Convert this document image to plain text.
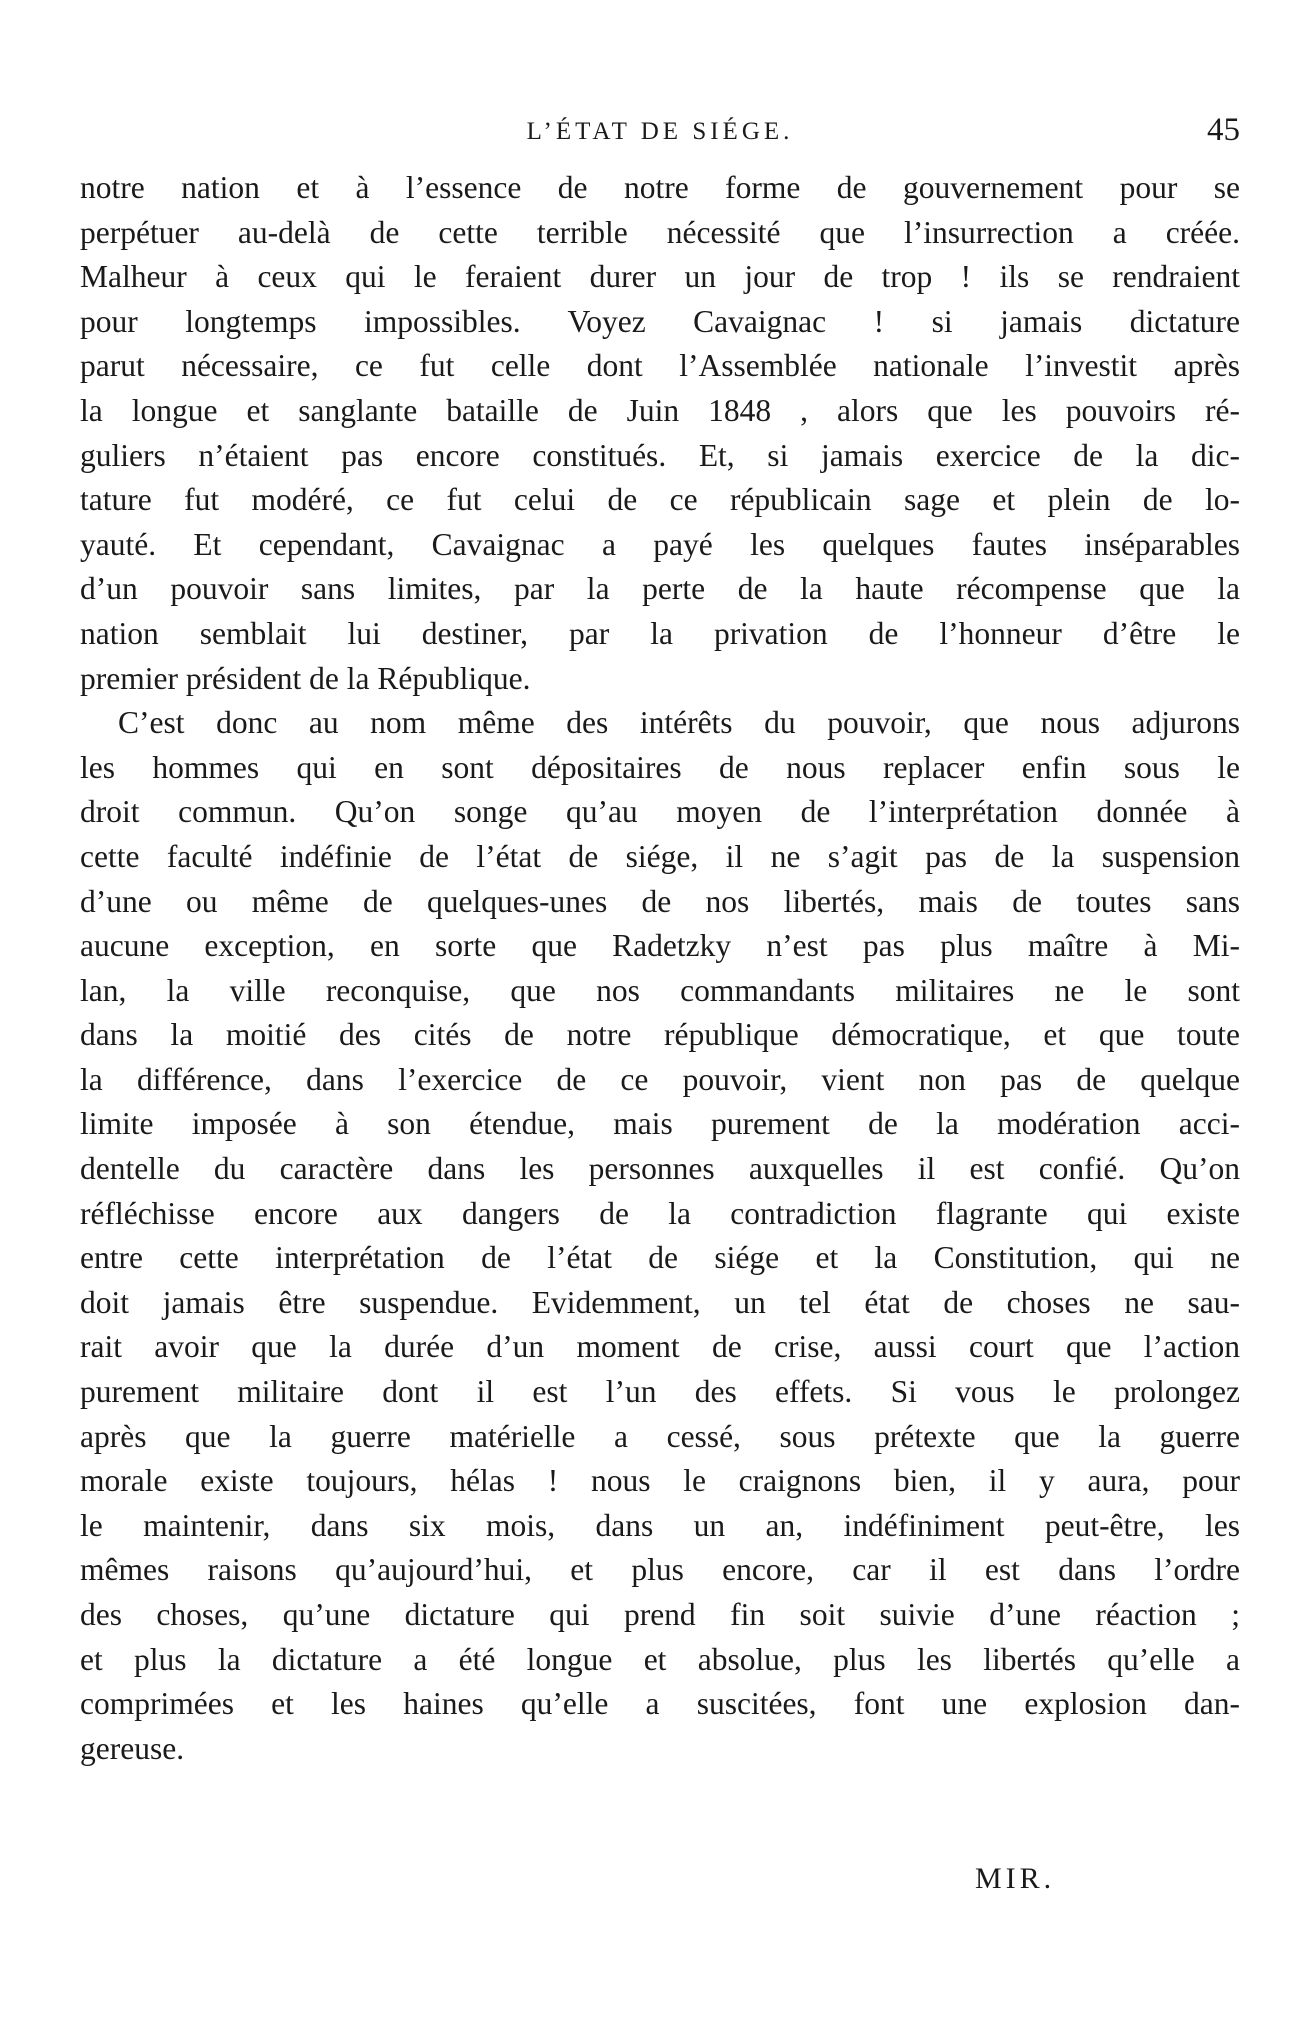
L’ÉTAT DE SIÉGE.	45
notre nation et à l’essence de notre forme de gouvernement pour se
perpétuer au-delà de cette terrible nécessité que l’insurrection a créée.
Malheur à ceux qui le feraient durer un jour de trop ! ils se rendraient
pour longtemps impossibles. Voyez Cavaignac ! si jamais dictature
parut nécessaire, ce fut celle dont l’Assemblée nationale l’investit après
la longue et sanglante bataille de Juin 1848 , alors que les pouvoirs ré-
guliers n’étaient pas encore constitués. Et, si jamais exercice de la dic-
tature fut modéré, ce fut celui de ce républicain sage et plein de lo-
yauté. Et cependant, Cavaignac a payé les quelques fautes inséparables
d’un pouvoir sans limites, par la perte de la haute récompense que la
nation semblait lui destiner, par la privation de l’honneur d’être le
premier président de la République.
C’est donc au nom même des intérêts du pouvoir, que nous adjurons
les hommes qui en sont dépositaires de nous replacer enfin sous le
droit commun. Qu’on songe qu’au moyen de l’interprétation donnée à
cette faculté indéfinie de l’état de siége, il ne s’agit pas de la suspension
d’une ou même de quelques-unes de nos libertés, mais de toutes sans
aucune exception, en sorte que Radetzky n’est pas plus maître à Mi-
lan, la ville reconquise, que nos commandants militaires ne le sont
dans la moitié des cités de notre république démocratique, et que toute
la différence, dans l’exercice de ce pouvoir, vient non pas de quelque
limite imposée à son étendue, mais purement de la modération acci-
dentelle du caractère dans les personnes auxquelles il est confié. Qu’on
réfléchisse encore aux dangers de la contradiction flagrante qui existe
entre cette interprétation de l’état de siége et la Constitution, qui ne
doit jamais être suspendue. Evidemment, un tel état de choses ne sau-
rait avoir que la durée d’un moment de crise, aussi court que l’action
purement militaire dont il est l’un des effets. Si vous le prolongez
après que la guerre matérielle a cessé, sous prétexte que la guerre
morale existe toujours, hélas ! nous le craignons bien, il y aura, pour
le maintenir, dans six mois, dans un an, indéfiniment peut-être, les
mêmes raisons qu’aujourd’hui, et plus encore, car il est dans l’ordre
des choses, qu’une dictature qui prend fin soit suivie d’une réaction ;
et plus la dictature a été longue et absolue, plus les libertés qu’elle a
comprimées et les haines qu’elle a suscitées, font une explosion dan-
gereuse.
MIR.
